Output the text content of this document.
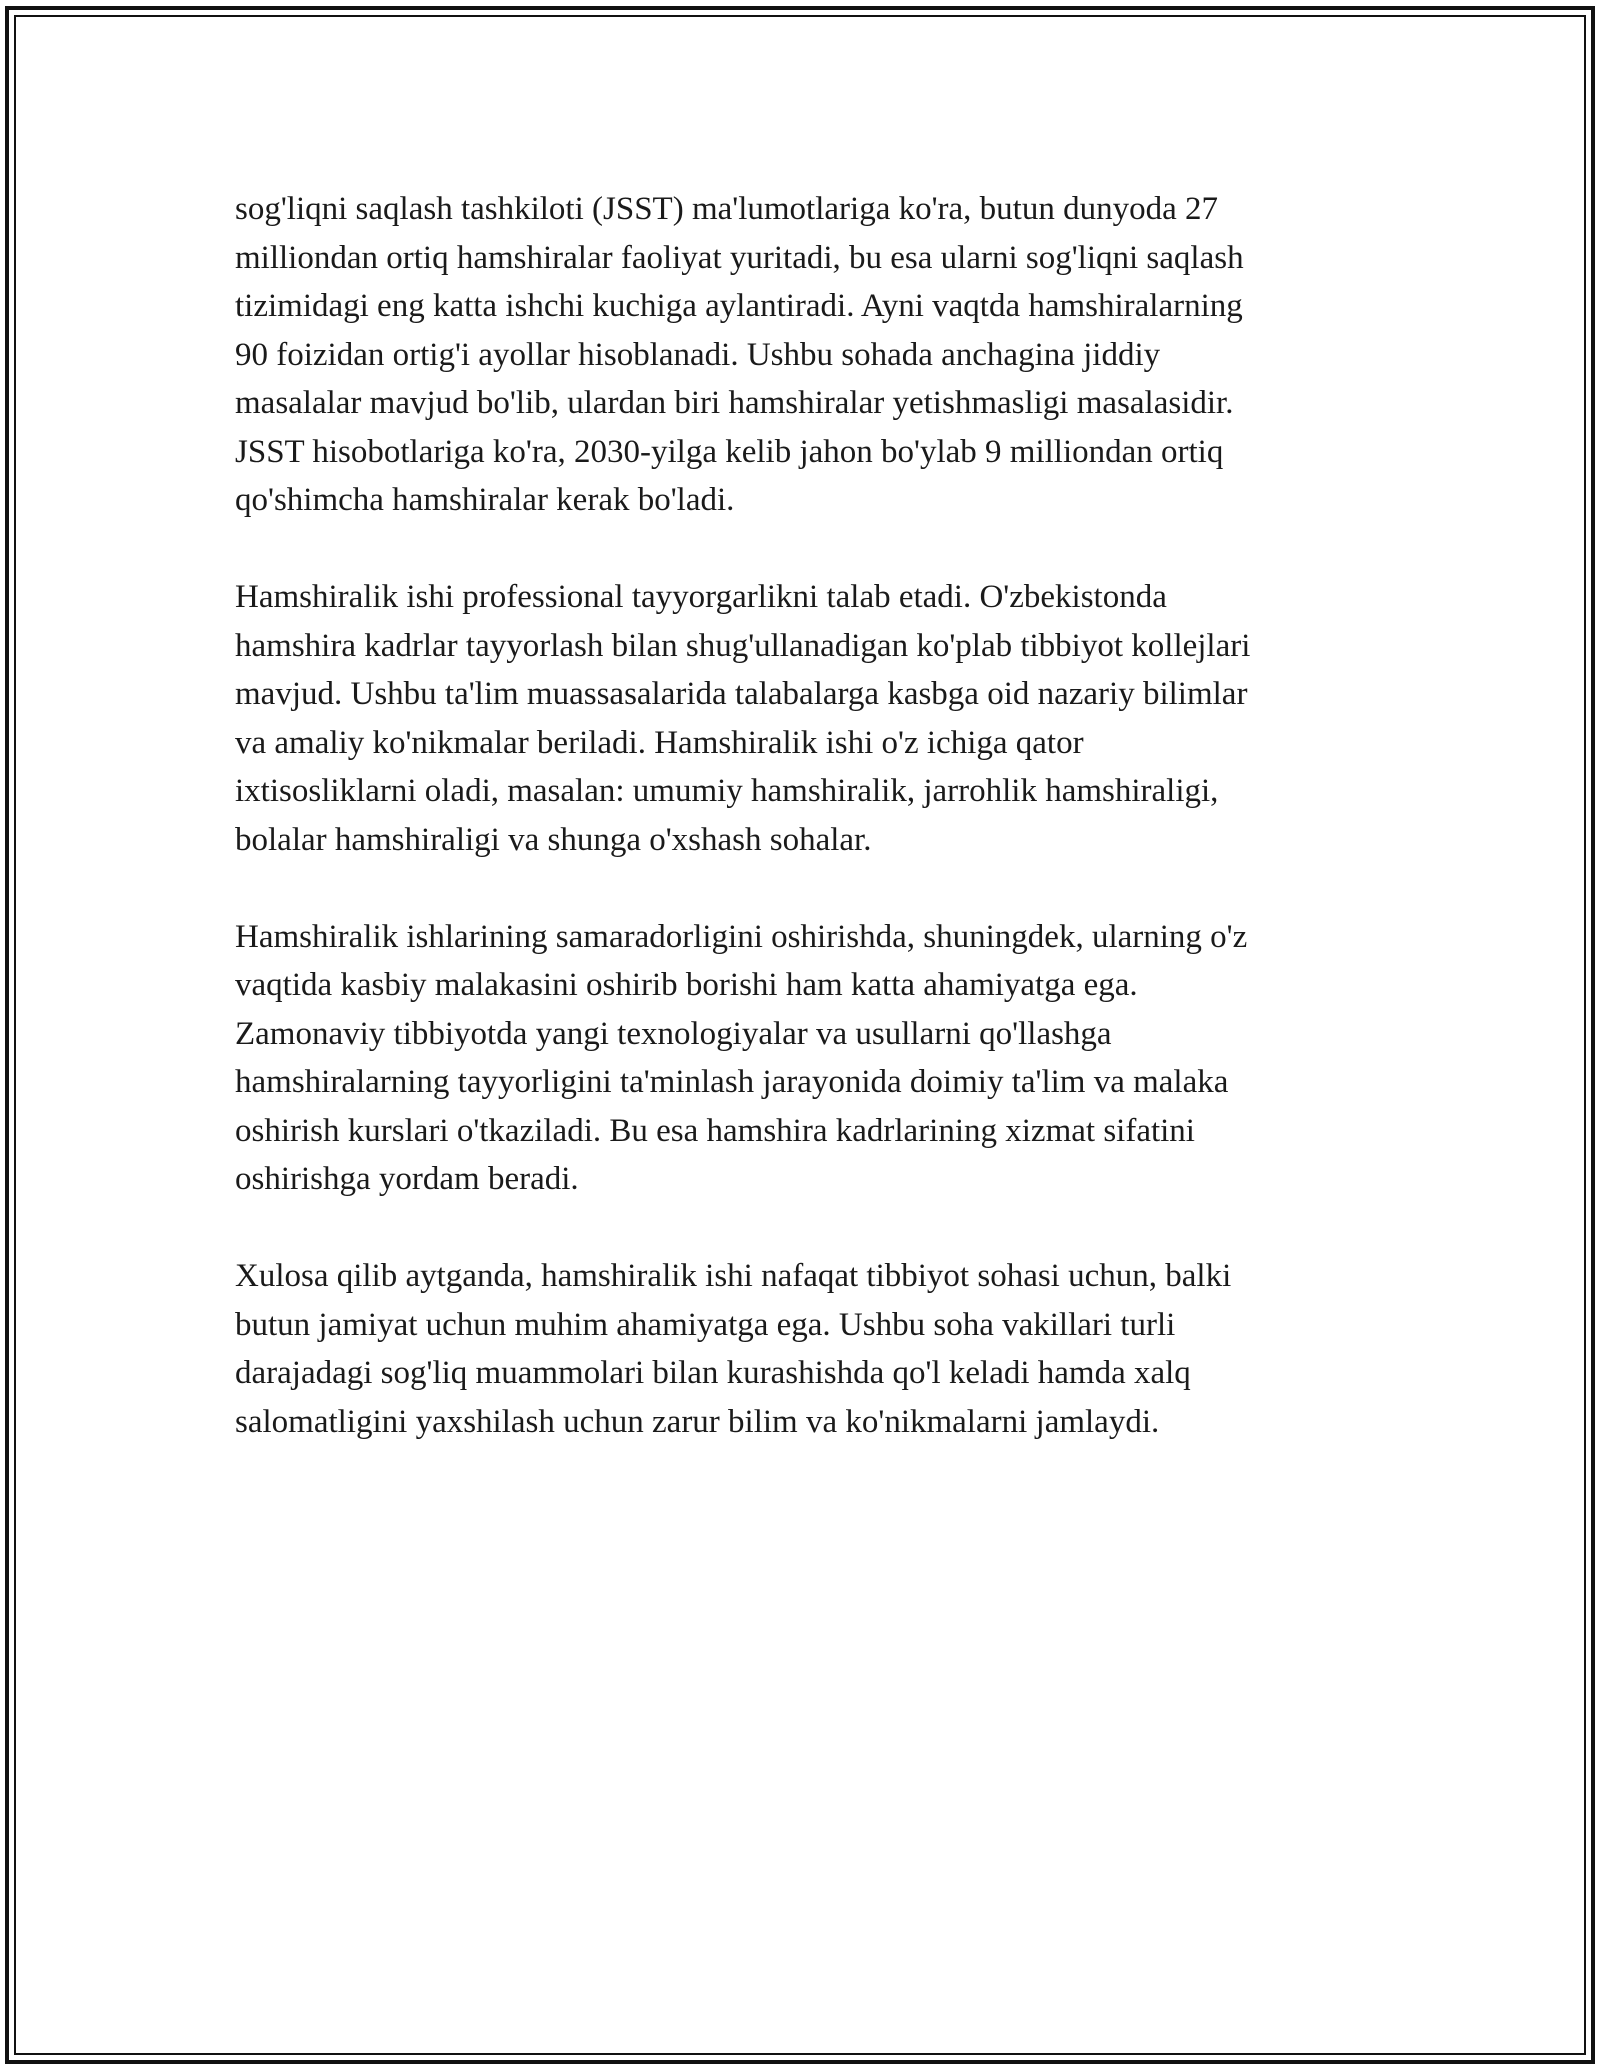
sog'liqni saqlash tashkiloti (JSST) ma'lumotlariga ko'ra, butun dunyoda 27
milliondan ortiq hamshiralar faoliyat yuritadi, bu esa ularni sog'liqni saqlash
tizimidagi eng katta ishchi kuchiga aylantiradi. Ayni vaqtda hamshiralarning
90 foizidan ortig'i ayollar hisoblanadi. Ushbu sohada anchagina jiddiy
masalalar mavjud bo'lib, ulardan biri hamshiralar yetishmasligi masalasidir.
JSST hisobotlariga ko'ra, 2030-yilga kelib jahon bo'ylab 9 milliondan ortiq
qo'shimcha hamshiralar kerak bo'ladi.

Hamshiralik ishi professional tayyorgarlikni talab etadi. O'zbekistonda
hamshira kadrlar tayyorlash bilan shug'ullanadigan ko'plab tibbiyot kollejlari
mavjud. Ushbu ta'lim muassasalarida talabalarga kasbga oid nazariy bilimlar
va amaliy ko'nikmalar beriladi. Hamshiralik ishi o'z ichiga qator
ixtisosliklarni oladi, masalan: umumiy hamshiralik, jarrohlik hamshiraligi,
bolalar hamshiraligi va shunga o'xshash sohalar.

Hamshiralik ishlarining samaradorligini oshirishda, shuningdek, ularning o'z
vaqtida kasbiy malakasini oshirib borishi ham katta ahamiyatga ega.
Zamonaviy tibbiyotda yangi texnologiyalar va usullarni qo'llashga
hamshiralarning tayyorligini ta'minlash jarayonida doimiy ta'lim va malaka
oshirish kurslari o'tkaziladi. Bu esa hamshira kadrlarining xizmat sifatini
oshirishga yordam beradi.

Xulosa qilib aytganda, hamshiralik ishi nafaqat tibbiyot sohasi uchun, balki
butun jamiyat uchun muhim ahamiyatga ega. Ushbu soha vakillari turli
darajadagi sog'liq muammolari bilan kurashishda qo'l keladi hamda xalq
salomatligini yaxshilash uchun zarur bilim va ko'nikmalarni jamlaydi.
